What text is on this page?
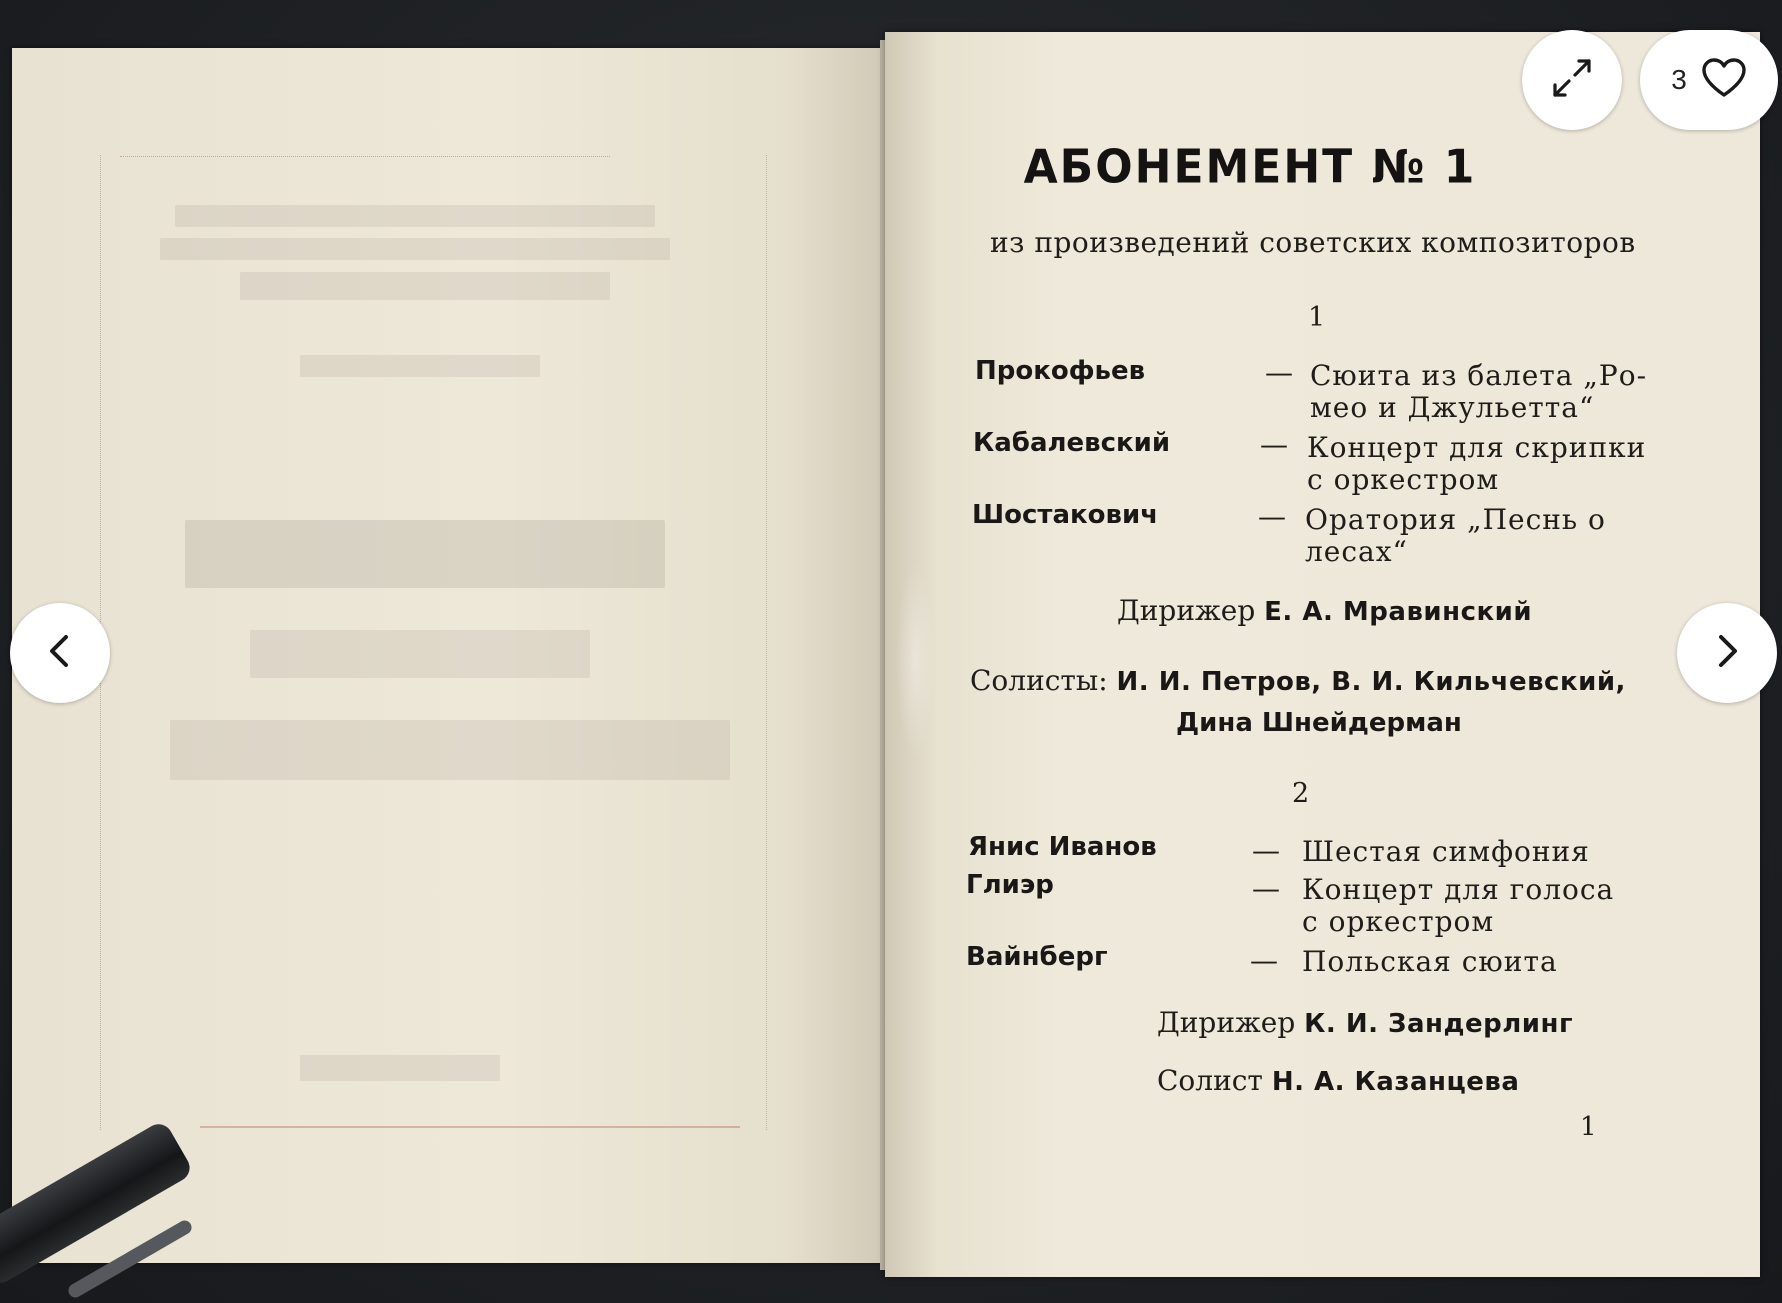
АБОНЕМЕНТ № 1
из произведений советских композиторов
1
Прокофьев	— Сюита из балета „Ро-
мео и Джульетта“
Кабалевский	— Концерт для скрипки
с оркестром
Шостакович	— Оратория „Песнь о
лесах“
Дирижер Е. А. Мравинский
Солисты: И. И. Петров, В. И. Кильчевский,
Дина Шнейдерман
2
Янис Иванов	— Шестая симфония
Глиэр	— Концерт для голоса
с оркестром
Вайнберг	— Польская сюита
Дирижер К. И. Зандерлинг
Солист Н. А. Казанцева
1
3
